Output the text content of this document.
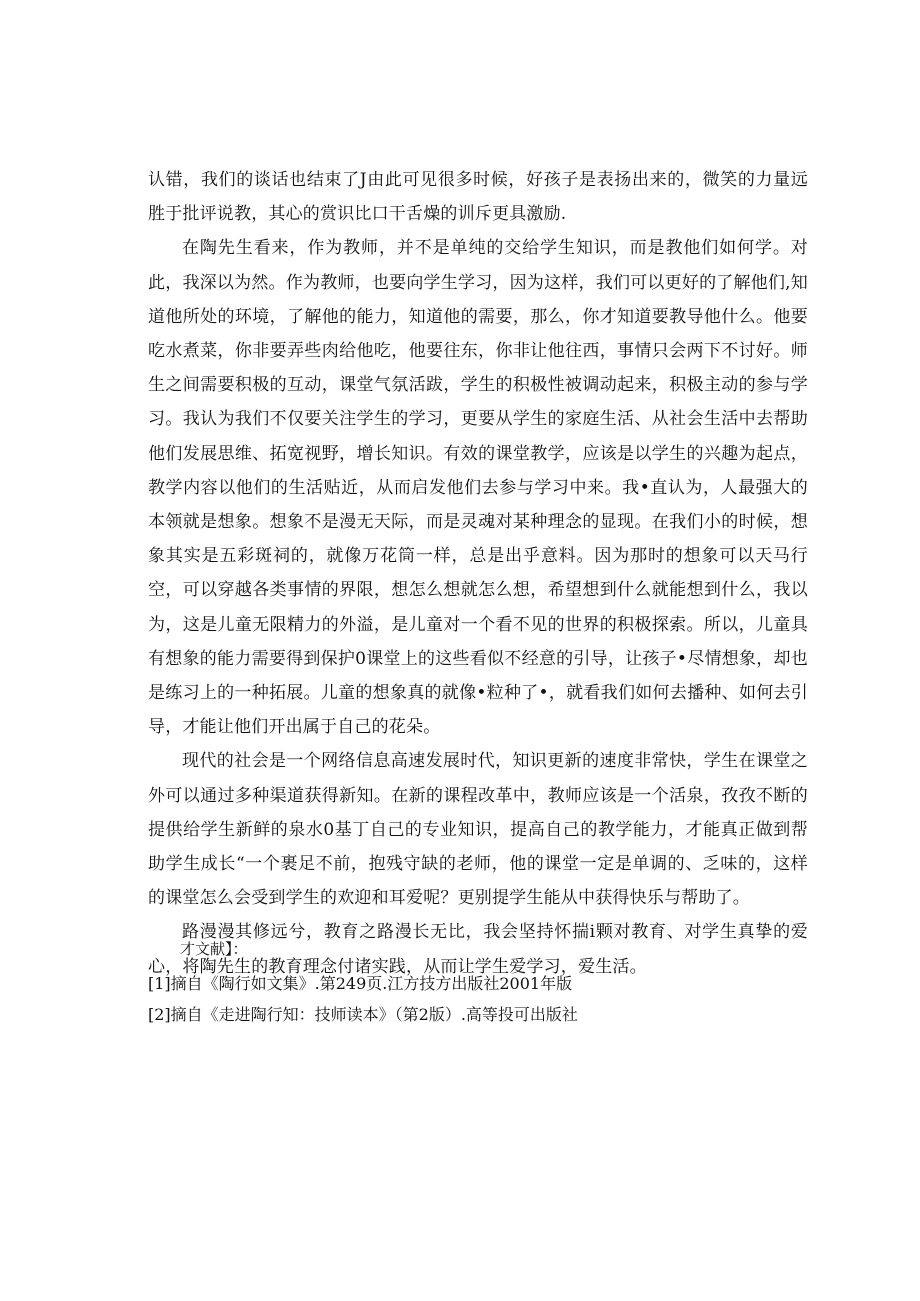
认错，我们的谈话也结束了J由此可见很多时候，好孩子是表扬出来的，微笑的力量远胜于批评说教，其心的赏识比口干舌燥的训斥更具激励.

在陶先生看来，作为教师，并不是单纯的交给学生知识，而是教他们如何学。对此，我深以为然。作为教师，也要向学生学习，因为这样，我们可以更好的了解他们,知道他所处的环境，了解他的能力，知道他的需要，那么，你才知道要教导他什么。他要吃水煮菜，你非要弄些肉给他吃，他要往东，你非让他往西，事情只会两下不讨好。师生之间需要积极的互动，课堂气氛活跋，学生的积极性被调动起来，积极主动的参与学习。我认为我们不仅要关注学生的学习，更要从学生的家庭生活、从社会生活中去帮助他们发展思维、拓宽视野，增长知识。有效的课堂教学，应该是以学生的兴趣为起点，教学内容以他们的生活贴近，从而启发他们去参与学习中来。我•直认为，人最强大的本领就是想象。想象不是漫无天际，而是灵魂对某种理念的显现。在我们小的时候，想象其实是五彩斑祠的，就像万花筒一样，总是出乎意料。因为那时的想象可以天马行空，可以穿越各类事情的界限，想怎么想就怎么想，希望想到什么就能想到什么，我以为，这是儿童无限精力的外溢，是儿童对一个看不见的世界的积极探索。所以，儿童具有想象的能力需要得到保护0课堂上的这些看似不经意的引导，让孩子•尽情想象，却也是练习上的一种拓展。儿童的想象真的就像•粒种了•，就看我们如何去播种、如何去引导，才能让他们开出属于自己的花朵。

现代的社会是一个网络信息高速发展时代，知识更新的速度非常快，学生在课堂之外可以通过多种渠道获得新知。在新的课程改革中，教师应该是一个活泉，孜孜不断的提供给学生新鲜的泉水0基丁自己的专业知识，提高自己的教学能力，才能真正做到帮助学生成长“一个裹足不前，抱残守缺的老师，他的课堂一定是单调的、乏味的，这样的课堂怎么会受到学生的欢迎和耳爱呢？更别提学生能从中获得快乐与帮助了。

路漫漫其修远兮，教育之路漫长无比，我会坚持怀揣i颗对教育、对学生真挚的爱心，将陶先生的教育理念付诸实践，从而让学生爱学习，爱生活。

才文献】：
[1]摘自《陶行如文集》.第249页.江方技方出版社2001年版
[2]摘自《走进陶行知：技师读本》（第2版）.高等投可出版社
